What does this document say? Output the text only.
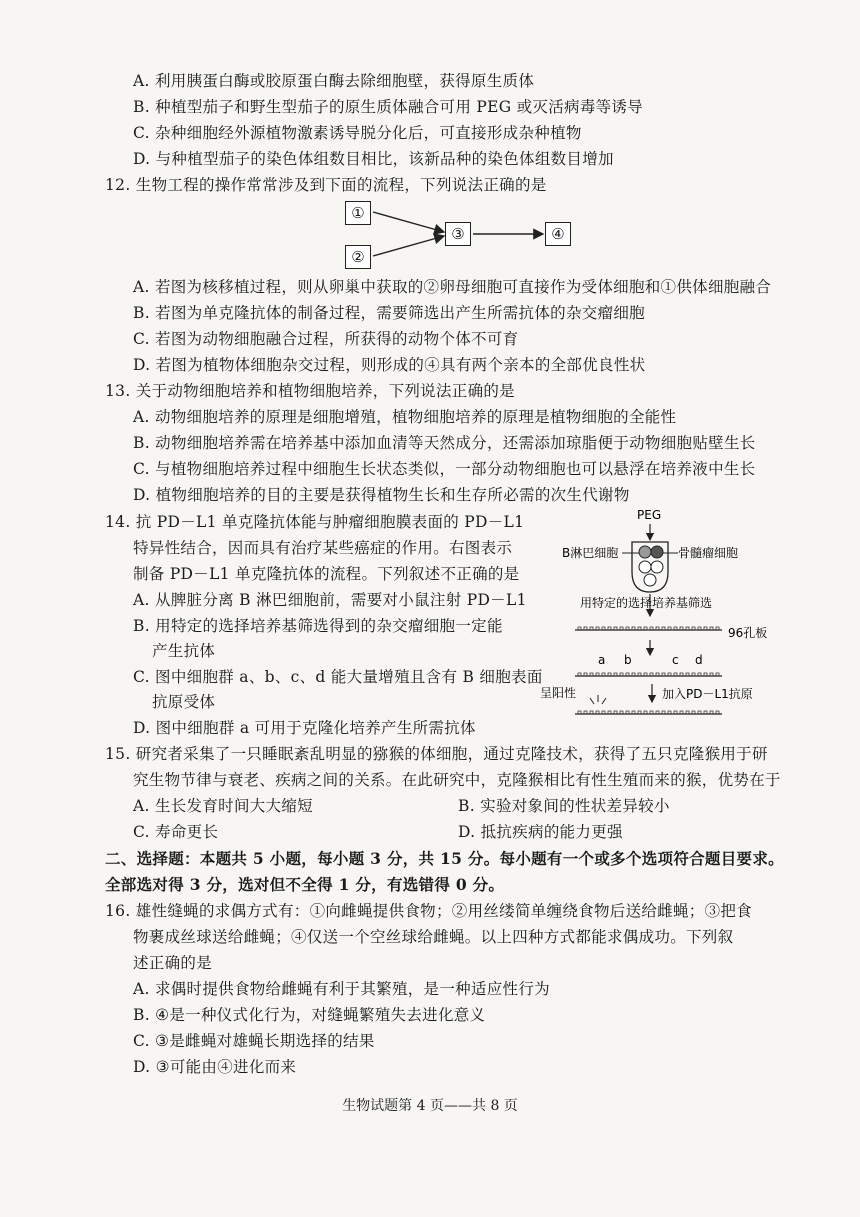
A. 利用胰蛋白酶或胶原蛋白酶去除细胞壁，获得原生质体
B. 种植型茄子和野生型茄子的原生质体融合可用 PEG 或灭活病毒等诱导
C. 杂种细胞经外源植物激素诱导脱分化后，可直接形成杂种植物
D. 与种植型茄子的染色体组数目相比，该新品种的染色体组数目增加
12. 生物工程的操作常常涉及到下面的流程，下列说法正确的是
A. 若图为核移植过程，则从卵巢中获取的②卵母细胞可直接作为受体细胞和①供体细胞融合
B. 若图为单克隆抗体的制备过程，需要筛选出产生所需抗体的杂交瘤细胞
C. 若图为动物细胞融合过程，所获得的动物个体不可育
D. 若图为植物体细胞杂交过程，则形成的④具有两个亲本的全部优良性状
13. 关于动物细胞培养和植物细胞培养，下列说法正确的是
A. 动物细胞培养的原理是细胞增殖，植物细胞培养的原理是植物细胞的全能性
B. 动物细胞培养需在培养基中添加血清等天然成分，还需添加琼脂便于动物细胞贴壁生长
C. 与植物细胞培养过程中细胞生长状态类似，一部分动物细胞也可以悬浮在培养液中生长
D. 植物细胞培养的目的主要是获得植物生长和生存所必需的次生代谢物
14. 抗 PD－L1 单克隆抗体能与肿瘤细胞膜表面的 PD－L1
特异性结合，因而具有治疗某些癌症的作用。右图表示
制备 PD－L1 单克隆抗体的流程。下列叙述不正确的是
A. 从脾脏分离 B 淋巴细胞前，需要对小鼠注射 PD－L1
B. 用特定的选择培养基筛选得到的杂交瘤细胞一定能
产生抗体
C. 图中细胞群 a、b、c、d 能大量增殖且含有 B 细胞表面
抗原受体
D. 图中细胞群 a 可用于克隆化培养产生所需抗体
15. 研究者采集了一只睡眠紊乱明显的猕猴的体细胞，通过克隆技术，获得了五只克隆猴用于研
究生物节律与衰老、疾病之间的关系。在此研究中，克隆猴相比有性生殖而来的猴，优势在于
A. 生长发育时间大大缩短	B. 实验对象间的性状差异较小
C. 寿命更长	D. 抵抗疾病的能力更强
二、选择题：本题共 5 小题，每小题 3 分，共 15 分。每小题有一个或多个选项符合题目要求。
全部选对得 3 分，选对但不全得 1 分，有选错得 0 分。
16. 雄性缝蝇的求偶方式有：①向雌蝇提供食物；②用丝缕简单缠绕食物后送给雌蝇；③把食
物裹成丝球送给雌蝇；④仅送一个空丝球给雌蝇。以上四种方式都能求偶成功。下列叙
述正确的是
A. 求偶时提供食物给雌蝇有利于其繁殖，是一种适应性行为
B. ④是一种仪式化行为，对缝蝇繁殖失去进化意义
C. ③是雌蝇对雄蝇长期选择的结果
D. ③可能由④进化而来
①
②
③	④
PEG
B淋巴细胞	骨髓瘤细胞
用特定的选择培养基筛选
96孔板
a b	c d
呈阳性	加入PD－L1抗原
生物试题第 4 页——共 8 页
